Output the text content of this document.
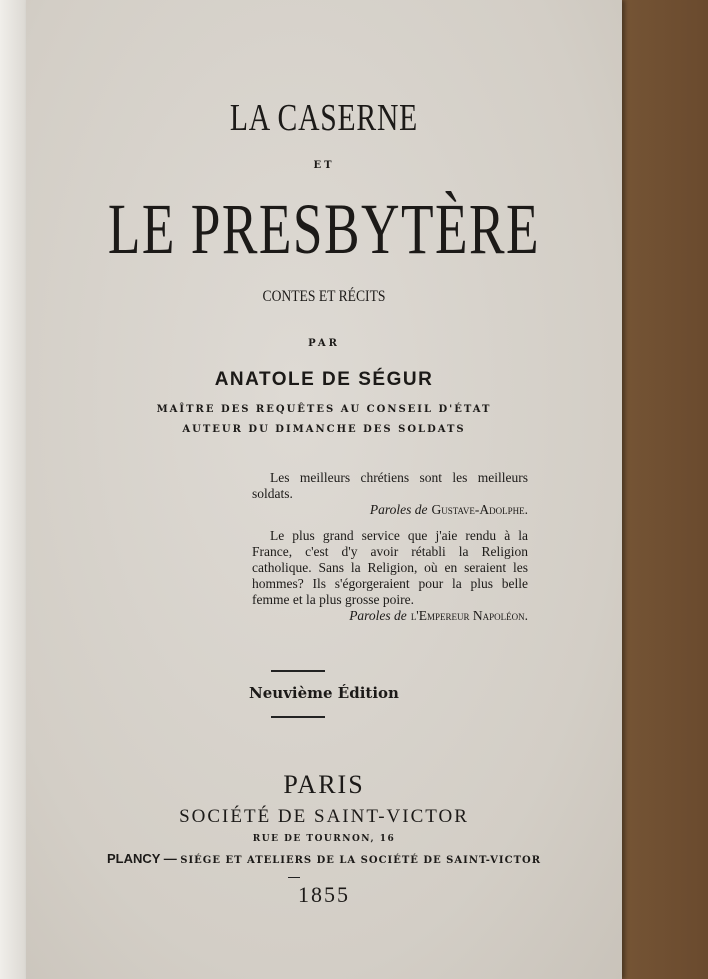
LA CASERNE
ET
LE PRESBYTÈRE
CONTES ET RÉCITS
PAR
ANATOLE DE SÉGUR
MAÎTRE DES REQUÊTES AU CONSEIL D'ÉTAT
AUTEUR DU DIMANCHE DES SOLDATS
Les meilleurs chrétiens sont les meilleurs soldats.
Paroles de Gustave-Adolphe.
Le plus grand service que j'aie rendu à la France, c'est d'y avoir rétabli la Religion catholique. Sans la Religion, où en seraient les hommes? Ils s'égorgeraient pour la plus belle femme et la plus grosse poire.
Paroles de l'Empereur Napoléon.
Neuvième Édition
PARIS
SOCIÉTÉ DE SAINT-VICTOR
RUE DE TOURNON, 16
PLANCY — SIÉGE ET ATELIERS DE LA SOCIÉTÉ DE SAINT-VICTOR
1855
